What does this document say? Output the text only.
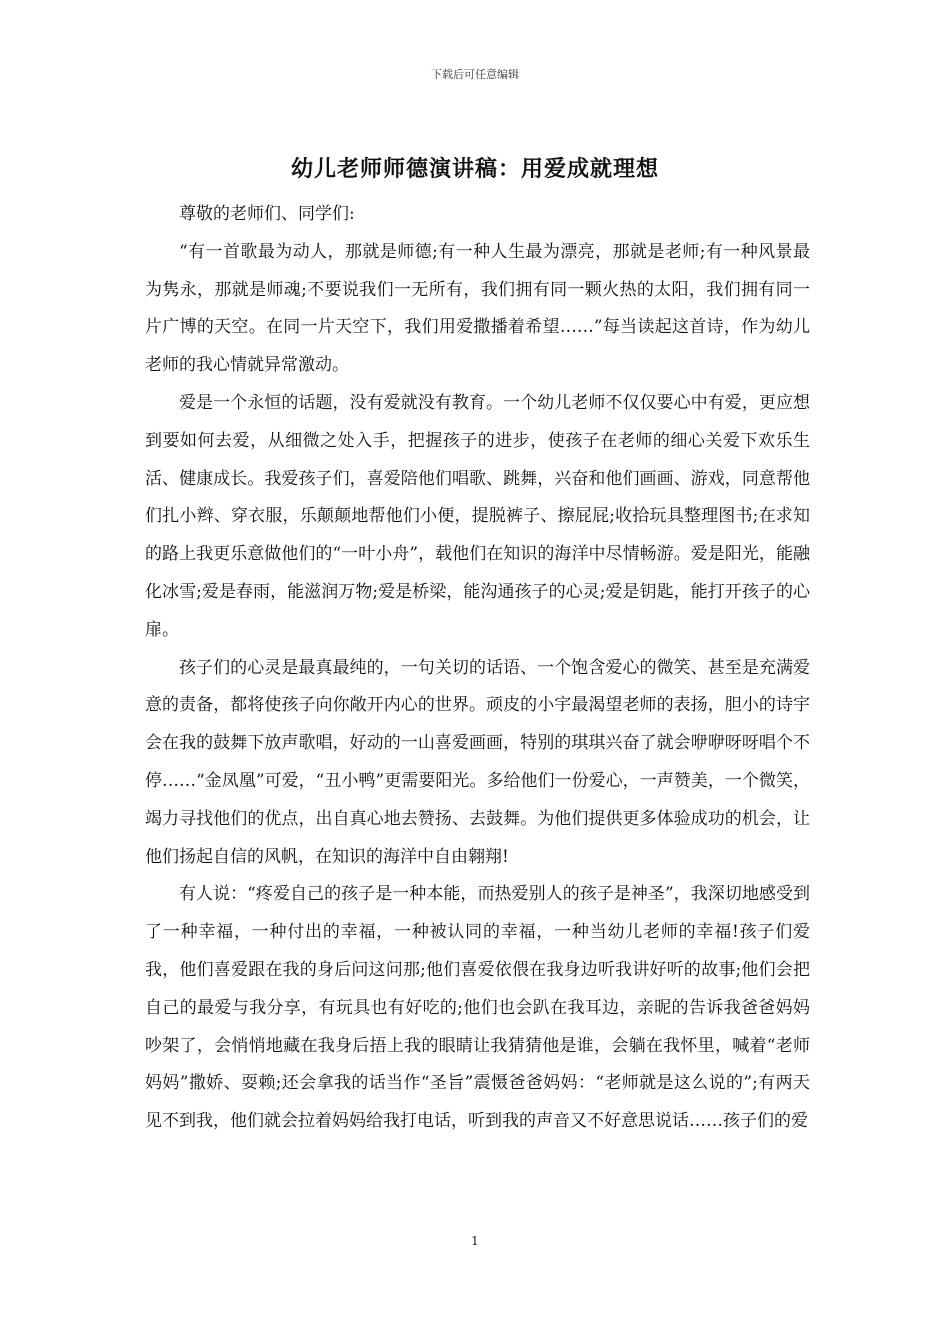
下载后可任意编辑
幼儿老师师德演讲稿：用爱成就理想

尊敬的老师们、同学们:

“有一首歌最为动人，那就是师德;有一种人生最为漂亮，那就是老师;有一种风景最为隽永，那就是师魂;不要说我们一无所有，我们拥有同一颗火热的太阳，我们拥有同一片广博的天空。在同一片天空下，我们用爱撒播着希望……”每当读起这首诗，作为幼儿老师的我心情就异常激动。

爱是一个永恒的话题，没有爱就没有教育。一个幼儿老师不仅仅要心中有爱，更应想到要如何去爱，从细微之处入手，把握孩子的进步，使孩子在老师的细心关爱下欢乐生活、健康成长。我爱孩子们，喜爱陪他们唱歌、跳舞，兴奋和他们画画、游戏，同意帮他们扎小辫、穿衣服，乐颠颠地帮他们小便，提脱裤子、擦屁屁;收拾玩具整理图书;在求知的路上我更乐意做他们的“一叶小舟”，载他们在知识的海洋中尽情畅游。爱是阳光，能融化冰雪;爱是春雨，能滋润万物;爱是桥梁，能沟通孩子的心灵;爱是钥匙，能打开孩子的心扉。

孩子们的心灵是最真最纯的，一句关切的话语、一个饱含爱心的微笑、甚至是充满爱意的责备，都将使孩子向你敞开内心的世界。顽皮的小宇最渴望老师的表扬，胆小的诗宇会在我的鼓舞下放声歌唱，好动的一山喜爱画画，特别的琪琪兴奋了就会咿咿呀呀唱个不停……“金凤凰”可爱，“丑小鸭”更需要阳光。多给他们一份爱心，一声赞美，一个微笑，竭力寻找他们的优点，出自真心地去赞扬、去鼓舞。为他们提供更多体验成功的机会，让他们扬起自信的风帆，在知识的海洋中自由翱翔!

有人说：“疼爱自己的孩子是一种本能，而热爱别人的孩子是神圣”，我深切地感受到了一种幸福，一种付出的幸福，一种被认同的幸福，一种当幼儿老师的幸福!孩子们爱我，他们喜爱跟在我的身后问这问那;他们喜爱依偎在我身边听我讲好听的故事;他们会把自己的最爱与我分享，有玩具也有好吃的;他们也会趴在我耳边，亲昵的告诉我爸爸妈妈吵架了，会悄悄地藏在我身后捂上我的眼睛让我猜猜他是谁，会躺在我怀里，喊着“老师妈妈”撒娇、耍赖;还会拿我的话当作“圣旨”震慑爸爸妈妈：“老师就是这么说的”;有两天见不到我，他们就会拉着妈妈给我打电话，听到我的声音又不好意思说话……孩子们的爱

1
